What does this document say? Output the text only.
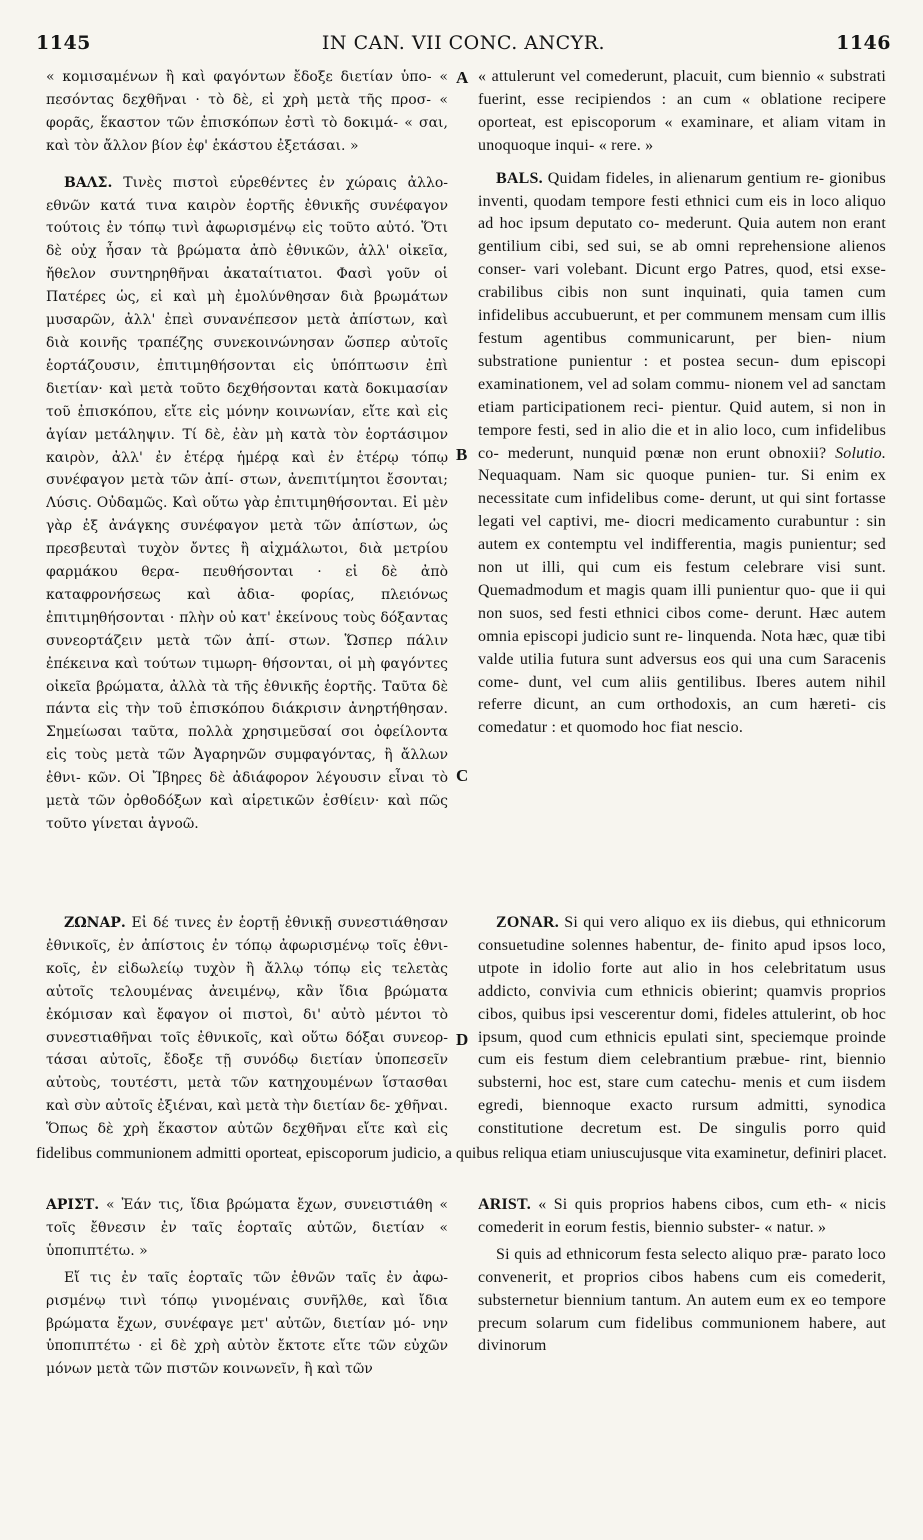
1145	IN CAN. VII CONC. ANCYR.	1146

« κομισαμένων ἢ καὶ φαγόντων ἔδοξε διετίαν ὑπο- « πεσόντας δεχθῆναι · τὸ δὲ, εἰ χρὴ μετὰ τῆς προσ- « φορᾶς, ἕκαστον τῶν ἐπισκόπων ἐστὶ τὸ δοκιμά- « σαι, καὶ τὸν ἄλλον βίον ἐφ' ἑκάστου ἐξετάσαι. »

ΒΑΛΣ. Τινὲς πιστοὶ εὑρεθέντες ἐν χώραις ἀλλο- εθνῶν κατά τινα καιρὸν ἑορτῆς ἐθνικῆς συνέφαγον τούτοις ἐν τόπῳ τινὶ ἀφωρισμένῳ εἰς τοῦτο αὐτό. Ὅτι δὲ οὐχ ἦσαν τὰ βρώματα ἀπὸ ἐθνικῶν, ἀλλ' οἰκεῖα, ἤθελον συντηρηθῆναι ἀκαταίτιατοι. Φασὶ γοῦν οἱ Πατέρες ὡς, εἰ καὶ μὴ ἐμολύνθησαν διὰ βρωμάτων μυσαρῶν, ἀλλ' ἐπεὶ συνανέπεσον μετὰ ἀπίστων, καὶ διὰ κοινῆς τραπέζης συνεκοινώνησαν ὥσπερ αὐτοῖς ἑορτάζουσιν, ἐπιτιμηθήσονται εἰς ὑπόπτωσιν ἐπὶ διετίαν· καὶ μετὰ τοῦτο δεχθήσονται κατὰ δοκιμασίαν τοῦ ἐπισκόπου, εἴτε εἰς μόνην κοινωνίαν, εἴτε καὶ εἰς ἁγίαν μετάληψιν. Τί δὲ, ἐὰν μὴ κατὰ τὸν ἑορτάσιμον καιρὸν, ἀλλ' ἐν ἑτέρᾳ ἡμέρᾳ καὶ ἐν ἑτέρῳ τόπῳ συνέφαγον μετὰ τῶν ἀπί- στων, ἀνεπιτίμητοι ἔσονται; Λύσις. Οὐδαμῶς. Καὶ οὕτω γὰρ ἐπιτιμηθήσονται. Εἰ μὲν γὰρ ἐξ ἀνάγκης συνέφαγον μετὰ τῶν ἀπίστων, ὡς πρεσβευταὶ τυχὸν ὄντες ἢ αἰχμάλωτοι, διὰ μετρίου φαρμάκου θερα- πευθήσονται · εἰ δὲ ἀπὸ καταφρονήσεως καὶ ἀδια- φορίας, πλειόνως ἐπιτιμηθήσονται · πλὴν οὐ κατ' ἐκείνους τοὺς δόξαντας συνεορτάζειν μετὰ τῶν ἀπί- στων. Ὥσπερ πάλιν ἐπέκεινα καὶ τούτων τιμωρη- θήσονται, οἱ μὴ φαγόντες οἰκεῖα βρώματα, ἀλλὰ τὰ τῆς ἐθνικῆς ἑορτῆς. Ταῦτα δὲ πάντα εἰς τὴν τοῦ ἐπισκόπου διάκρισιν ἀνηρτήθησαν. Σημείωσαι ταῦτα, πολλὰ χρησιμεῦσαί σοι ὀφείλοντα εἰς τοὺς μετὰ τῶν Ἀγαρηνῶν συμφαγόντας, ἢ ἄλλων ἐθνι- κῶν. Οἱ Ἴβηρες δὲ ἀδιάφορον λέγουσιν εἶναι τὸ μετὰ τῶν ὀρθοδόξων καὶ αἱρετικῶν ἐσθίειν· καὶ πῶς τοῦτο γίνεται ἀγνοῶ.

ΖΩΝΑΡ. Εἰ δέ τινες ἐν ἑορτῇ ἐθνικῇ συνεστιάθησαν ἐθνικοῖς, ἐν ἀπίστοις ἐν τόπῳ ἀφωρισμένῳ τοῖς ἐθνι- κοῖς, ἐν εἰδωλείῳ τυχὸν ἢ ἄλλῳ τόπῳ εἰς τελετὰς αὐτοῖς τελουμένας ἀνειμένῳ, κἂν ἴδια βρώματα ἐκόμισαν καὶ ἔφαγον οἱ πιστοὶ, δι' αὐτὸ μέντοι τὸ συνεστιαθῆναι τοῖς ἐθνικοῖς, καὶ οὕτω δόξαι συνεορ- τάσαι αὐτοῖς, ἔδοξε τῇ συνόδῳ διετίαν ὑποπεσεῖν αὐτοὺς, τουτέστι, μετὰ τῶν κατηχουμένων ἵστασθαι καὶ σὺν αὐτοῖς ἐξιέναι, καὶ μετὰ τὴν διετίαν δε- χθῆναι. Ὅπως δὲ χρὴ ἕκαστον αὐτῶν δεχθῆναι εἴτε καὶ εἰς

« attulerunt vel comederunt, placuit, cum biennio « substrati fuerint, esse recipiendos : an cum « oblatione recipere oporteat, est episcoporum « examinare, et aliam vitam in unoquoque inqui- « rere. »

BALS. Quidam fideles, in alienarum gentium re- gionibus inventi, quodam tempore festi ethnici cum eis in loco aliquo ad hoc ipsum deputato co- mederunt. Quia autem non erant gentilium cibi, sed sui, se ab omni reprehensione alienos conser- vari volebant. Dicunt ergo Patres, quod, etsi exse- crabilibus cibis non sunt inquinati, quia tamen cum infidelibus accubuerunt, et per communem mensam cum illis festum agentibus communicarunt, per bien- nium substratione punientur : et postea secun- dum episcopi examinationem, vel ad solam commu- nionem vel ad sanctam etiam participationem reci- pientur. Quid autem, si non in tempore festi, sed in alio die et in alio loco, cum infidelibus co- mederunt, nunquid pœnæ non erunt obnoxii? Solutio. Nequaquam. Nam sic quoque punien- tur. Si enim ex necessitate cum infidelibus come- derunt, ut qui sint fortasse legati vel captivi, me- diocri medicamento curabuntur : sin autem ex contemptu vel indifferentia, magis punientur; sed non ut illi, qui cum eis festum celebrare visi sunt. Quemadmodum et magis quam illi punientur quo- que ii qui non suos, sed festi ethnici cibos come- derunt. Hæc autem omnia episcopi judicio sunt re- linquenda. Nota hæc, quæ tibi valde utilia futura sunt adversus eos qui una cum Saracenis come- dunt, vel cum aliis gentilibus. Iberes autem nihil referre dicunt, an cum orthodoxis, an cum hæreti- cis comedatur : et quomodo hoc fiat nescio.

ZONAR. Si qui vero aliquo ex iis diebus, qui ethnicorum consuetudine solennes habentur, de- finito apud ipsos loco, utpote in idolio forte aut alio in hos celebritatum usus addicto, convivia cum ethnicis obierint; quamvis proprios cibos, quibus ipsi vescerentur domi, fideles attulerint, ob hoc ipsum, quod cum ethnicis epulati sint, speciemque proinde cum eis festum diem celebrantium præbue- rint, biennio substerni, hoc est, stare cum catechu- menis et cum iisdem egredi, biennoque exacto rursum admitti, synodica constitutione decretum est. De singulis porro quid

fidelibus communionem admitti oporteat, episcoporum judicio, a quibus reliqua etiam uniuscujusque vita examinetur, definiri placet.

ΑΡΙΣΤ. « Ἐάν τις, ἴδια βρώματα ἔχων, συνειστιάθη « τοῖς ἔθνεσιν ἐν ταῖς ἑορταῖς αὐτῶν, διετίαν « ὑποπιπτέτω. »

Εἴ τις ἐν ταῖς ἑορταῖς τῶν ἐθνῶν ταῖς ἐν ἀφω- ρισμένῳ τινὶ τόπῳ γινομέναις συνῆλθε, καὶ ἴδια βρώματα ἔχων, συνέφαγε μετ' αὐτῶν, διετίαν μό- νην ὑποπιπτέτω · εἰ δὲ χρὴ αὐτὸν ἔκτοτε εἴτε τῶν εὐχῶν μόνων μετὰ τῶν πιστῶν κοινωνεῖν, ἢ καὶ τῶν

ARIST. « Si quis proprios habens cibos, cum eth- « nicis comederit in eorum festis, biennio subster- « natur. »

Si quis ad ethnicorum festa selecto aliquo præ- parato loco convenerit, et proprios cibos habens cum eis comederit, substernetur biennium tantum. An autem eum ex eo tempore precum solarum cum fidelibus communionem habere, aut divinorum

A
B
C
D
